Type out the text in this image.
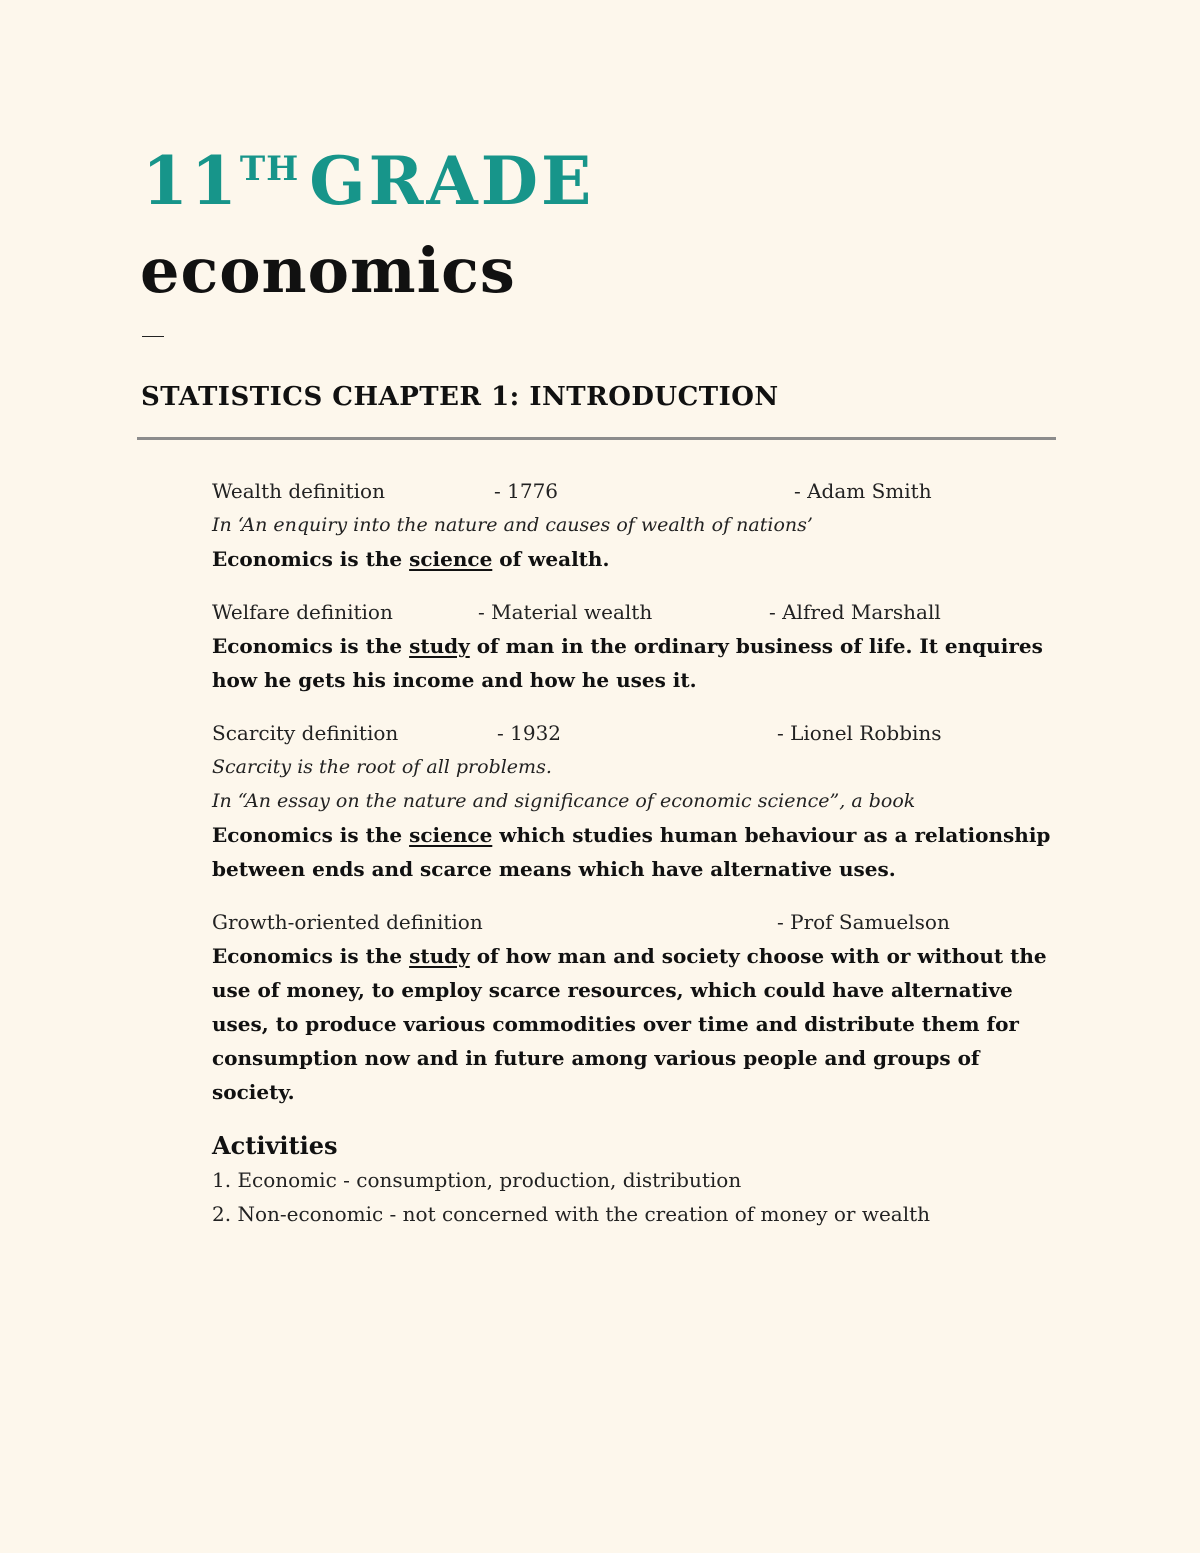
11TH GRADE
economics
STATISTICS CHAPTER 1: INTRODUCTION
Wealth definition	- 1776	- Adam Smith
In ‘An enquiry into the nature and causes of wealth of nations’
Economics is the science of wealth.
Welfare definition	- Material wealth	- Alfred Marshall
Economics is the study of man in the ordinary business of life. It enquires how he gets his income and how he uses it.
Scarcity definition	- 1932	- Lionel Robbins
Scarcity is the root of all problems.
In “An essay on the nature and significance of economic science”, a book
Economics is the science which studies human behaviour as a relationship between ends and scarce means which have alternative uses.
Growth-oriented definition	- Prof Samuelson
Economics is the study of how man and society choose with or without the use of money, to employ scarce resources, which could have alternative uses, to produce various commodities over time and distribute them for consumption now and in future among various people and groups of society.
Activities
1. Economic - consumption, production, distribution
2. Non-economic - not concerned with the creation of money or wealth
